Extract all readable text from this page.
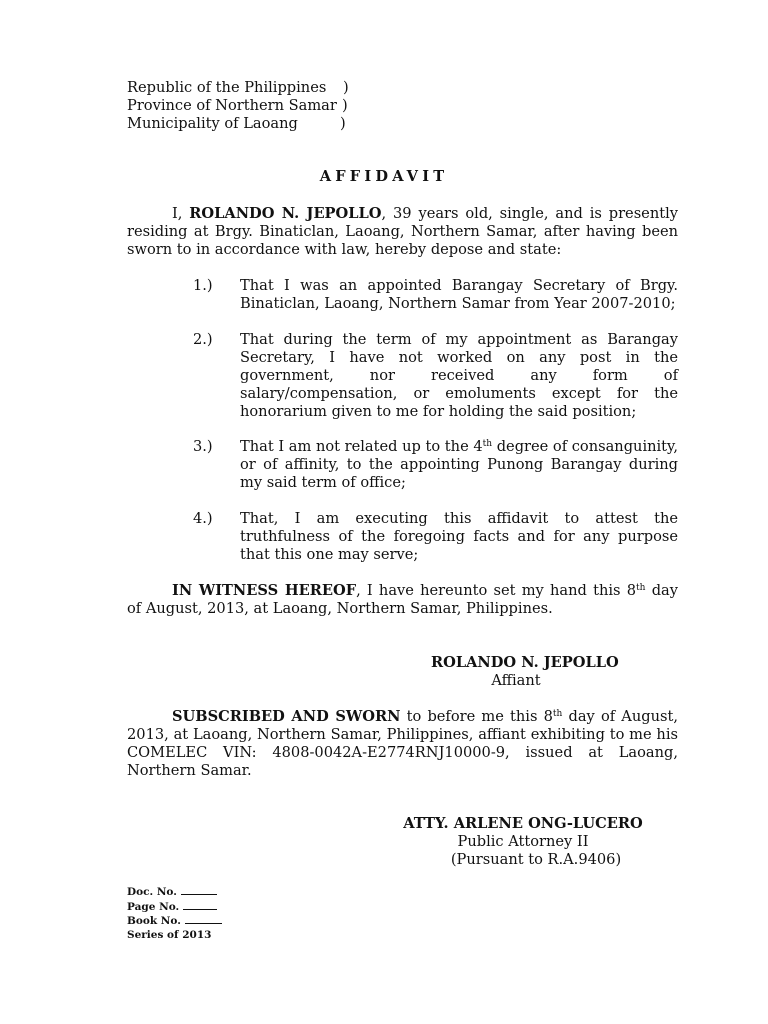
Republic of the Philippines )
Province of Northern Samar )
Municipality of Laoang	)
AFFIDAVIT
I, ROLANDO N. JEPOLLO, 39 years old, single, and is presently residing at Brgy. Binaticlan, Laoang, Northern Samar, after having been sworn to in accordance with law, hereby depose and state:
1.)	That I was an appointed Barangay Secretary of Brgy. Binaticlan, Laoang, Northern Samar from Year 2007-2010;
2.)	That during the term of my appointment as Barangay Secretary, I have not worked on any post in the government, nor received any form of salary/compensation, or emoluments except for the honorarium given to me for holding the said position;
3.)	That I am not related up to the 4th degree of consanguinity, or of affinity, to the appointing Punong Barangay during my said term of office;
4.)	That, I am executing this affidavit to attest the truthfulness of the foregoing facts and for any purpose that this one may serve;
IN WITNESS HEREOF, I have hereunto set my hand this 8th day of August, 2013, at Laoang, Northern Samar, Philippines.
ROLANDO N. JEPOLLO
Affiant
SUBSCRIBED AND SWORN to before me this 8th day of August, 2013, at Laoang, Northern Samar, Philippines, affiant exhibiting to me his COMELEC VIN: 4808-0042A-E2774RNJ10000-9, issued at Laoang, Northern Samar.
ATTY. ARLENE ONG-LUCERO
Public Attorney II
(Pursuant to R.A.9406)
Doc. No.
Page No.
Book No.
Series of 2013
